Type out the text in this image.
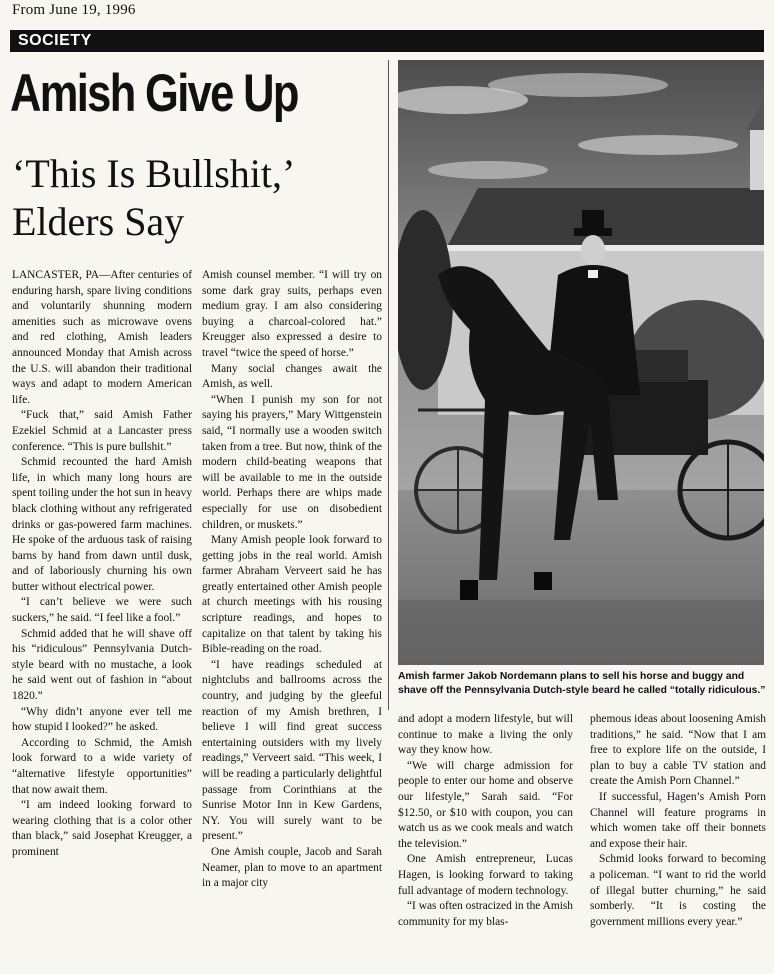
From June 19, 1996
SOCIETY
Amish Give Up
‘This Is Bullshit,’
Elders Say
Amish farmer Jakob Nordemann plans to sell his horse and buggy and shave off the Pennsylvania Dutch-style beard he called “totally ridiculous.”

LANCASTER, PA—After centuries of enduring harsh, spare living conditions and voluntarily shunning modern amenities such as microwave ovens and red clothing, Amish leaders announced Monday that Amish across the U.S. will abandon their traditional ways and adapt to modern American life.

“Fuck that,” said Amish Father Ezekiel Schmid at a Lancaster press conference. “This is pure bullshit.”

Schmid recounted the hard Amish life, in which many long hours are spent toiling under the hot sun in heavy black clothing without any refrigerated drinks or gas-powered farm machines. He spoke of the arduous task of raising barns by hand from dawn until dusk, and of laboriously churning his own butter without electrical power.

“I can’t believe we were such suckers,” he said. “I feel like a fool.”

Schmid added that he will shave off his “ridiculous” Pennsylvania Dutch-style beard with no mustache, a look he said went out of fashion in “about 1820.”

“Why didn’t anyone ever tell me how stupid I looked?” he asked.

According to Schmid, the Amish look forward to a wide variety of “alternative lifestyle opportunities” that now await them.

“I am indeed looking forward to wearing clothing that is a color other than black,” said Josephat Kreugger, a prominent

Amish counsel member. “I will try on some dark gray suits, perhaps even medium gray. I am also considering buying a charcoal-colored hat.” Kreugger also expressed a desire to travel “twice the speed of horse.”

Many social changes await the Amish, as well.

“When I punish my son for not saying his prayers,” Mary Wittgenstein said, “I normally use a wooden switch taken from a tree. But now, think of the modern child-beating weapons that will be available to me in the outside world. Perhaps there are whips made especially for use on disobedient children, or muskets.”

Many Amish people look forward to getting jobs in the real world. Amish farmer Abraham Verveert said he has greatly entertained other Amish people at church meetings with his rousing scripture readings, and hopes to capitalize on that talent by taking his Bible-reading on the road.

“I have readings scheduled at nightclubs and ballrooms across the country, and judging by the gleeful reaction of my Amish brethren, I believe I will find great success entertaining outsiders with my lively readings,” Verveert said. “This week, I will be reading a particularly delightful passage from Corinthians at the Sunrise Motor Inn in Kew Gardens, NY. You will surely want to be present.”

One Amish couple, Jacob and Sarah Neamer, plan to move to an apartment in a major city

and adopt a modern lifestyle, but will continue to make a living the only way they know how.

“We will charge admission for people to enter our home and observe our lifestyle,” Sarah said. “For $12.50, or $10 with coupon, you can watch us as we cook meals and watch the television.”

One Amish entrepreneur, Lucas Hagen, is looking forward to taking full advantage of modern technology.

“I was often ostracized in the Amish community for my blas-

phemous ideas about loosening Amish traditions,” he said. “Now that I am free to explore life on the outside, I plan to buy a cable TV station and create the Amish Porn Channel.”

If successful, Hagen’s Amish Porn Channel will feature programs in which women take off their bonnets and expose their hair.

Schmid looks forward to becoming a policeman. “I want to rid the world of illegal butter churning,” he said somberly. “It is costing the government millions every year.”
